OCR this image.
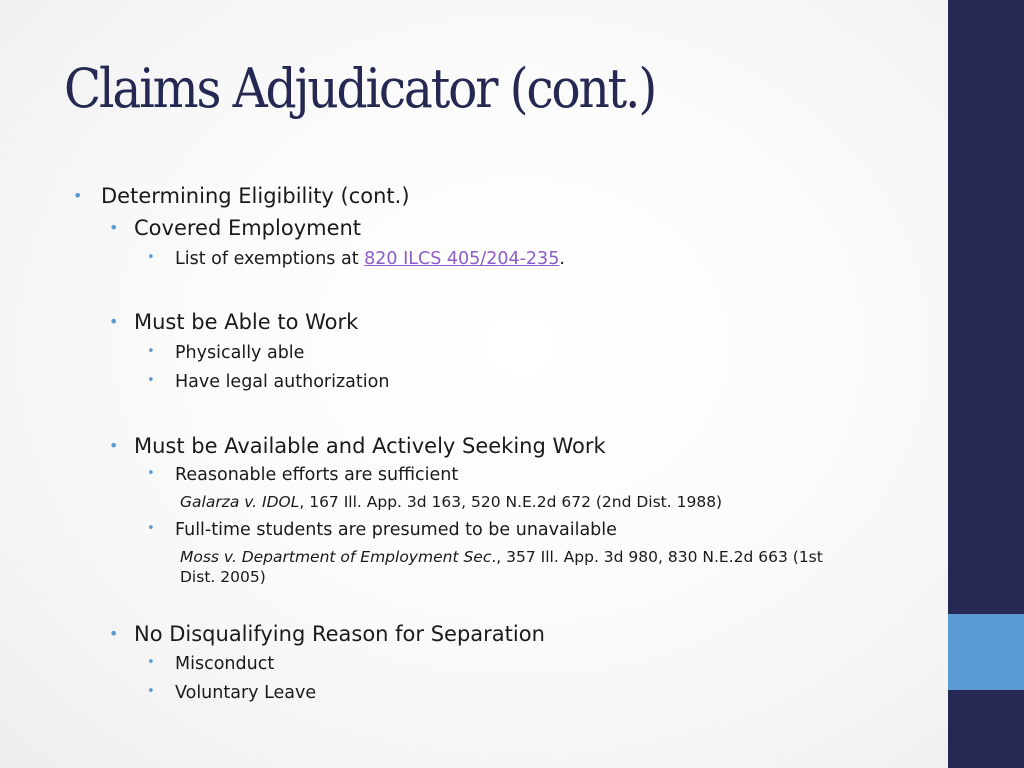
Claims Adjudicator (cont.)
• Determining Eligibility (cont.)
• Covered Employment
• List of exemptions at 820 ILCS 405/204-235.
• Must be Able to Work
• Physically able
• Have legal authorization
• Must be Available and Actively Seeking Work
• Reasonable efforts are sufficient
Galarza v. IDOL, 167 Ill. App. 3d 163, 520 N.E.2d 672 (2nd Dist. 1988)
• Full-time students are presumed to be unavailable
Moss v. Department of Employment Sec., 357 Ill. App. 3d 980, 830 N.E.2d 663 (1st
Dist. 2005)
• No Disqualifying Reason for Separation
• Misconduct
• Voluntary Leave
